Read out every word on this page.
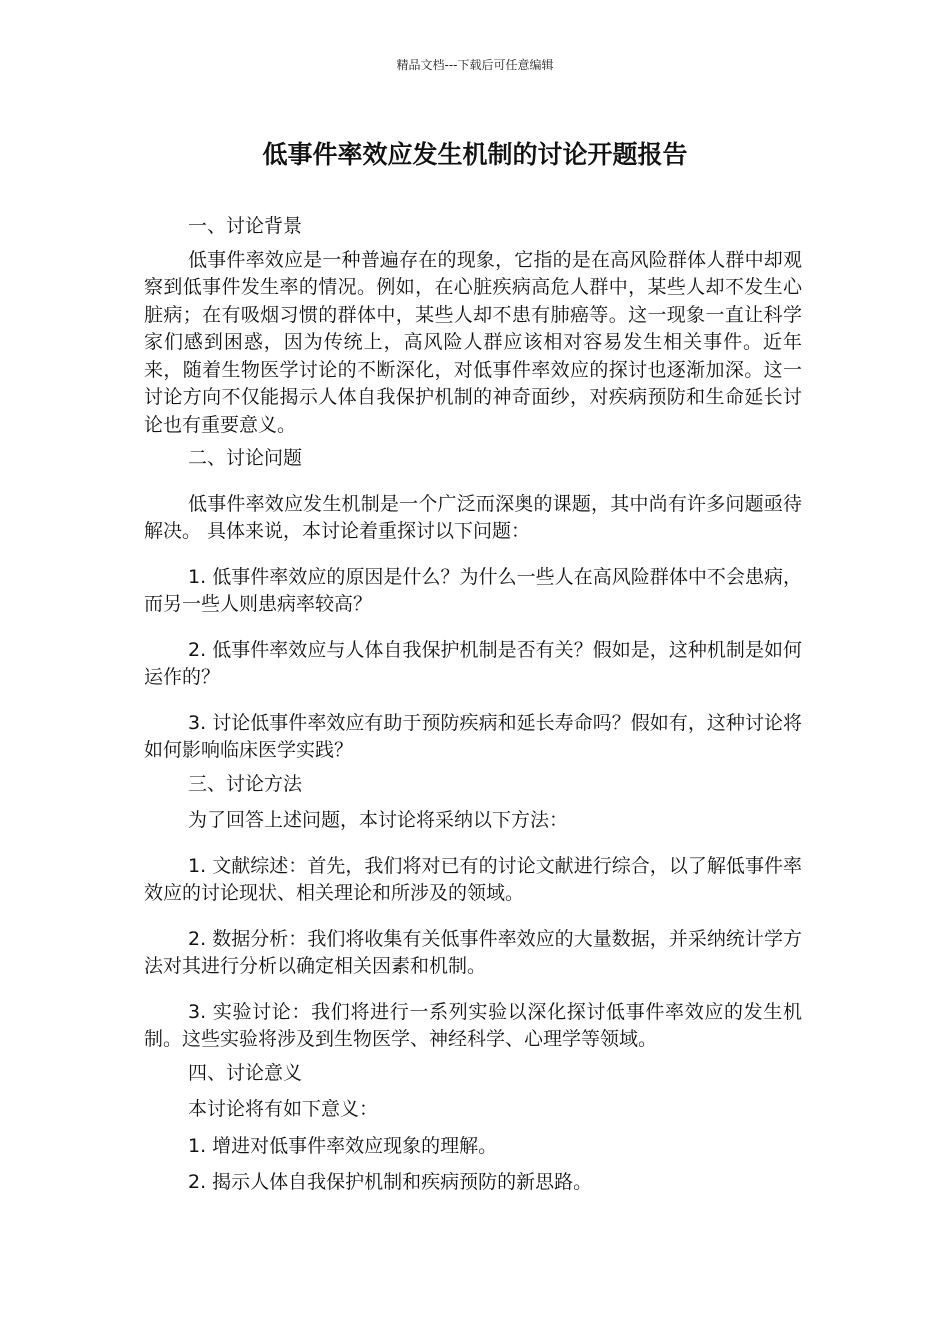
精品文档---下载后可任意编辑
低事件率效应发生机制的讨论开题报告

一、讨论背景

低事件率效应是一种普遍存在的现象，它指的是在高风险群体人群中却观察到低事件发生率的情况。例如，在心脏疾病高危人群中，某些人却不发生心脏病；在有吸烟习惯的群体中，某些人却不患有肺癌等。这一现象一直让科学家们感到困惑，因为传统上，高风险人群应该相对容易发生相关事件。近年来，随着生物医学讨论的不断深化，对低事件率效应的探讨也逐渐加深。这一讨论方向不仅能揭示人体自我保护机制的神奇面纱，对疾病预防和生命延长讨论也有重要意义。

二、讨论问题

低事件率效应发生机制是一个广泛而深奥的课题，其中尚有许多问题亟待解决。 具体来说，本讨论着重探讨以下问题：

1. 低事件率效应的原因是什么？为什么一些人在高风险群体中不会患病，而另一些人则患病率较高？

2. 低事件率效应与人体自我保护机制是否有关？假如是，这种机制是如何运作的？

3. 讨论低事件率效应有助于预防疾病和延长寿命吗？假如有，这种讨论将如何影响临床医学实践？

三、讨论方法

为了回答上述问题，本讨论将采纳以下方法：

1. 文献综述：首先，我们将对已有的讨论文献进行综合，以了解低事件率效应的讨论现状、相关理论和所涉及的领域。

2. 数据分析：我们将收集有关低事件率效应的大量数据，并采纳统计学方法对其进行分析以确定相关因素和机制。

3. 实验讨论：我们将进行一系列实验以深化探讨低事件率效应的发生机制。这些实验将涉及到生物医学、神经科学、心理学等领域。

四、讨论意义

本讨论将有如下意义：

1. 增进对低事件率效应现象的理解。

2. 揭示人体自我保护机制和疾病预防的新思路。
